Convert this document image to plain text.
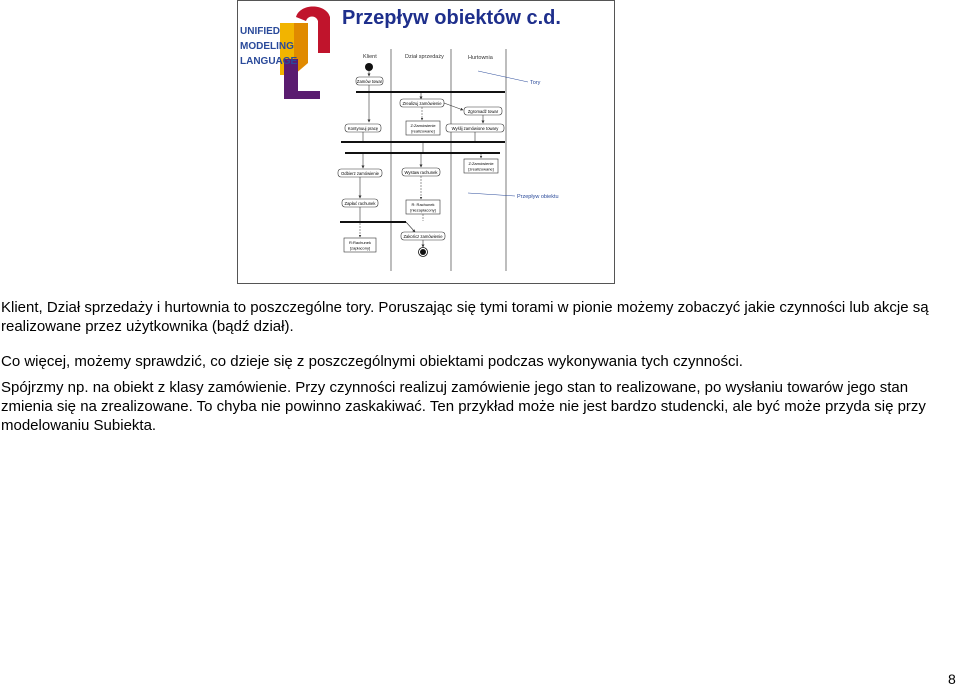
UNIFIED
MODELING
LANGUAGE
Przepływ obiektów c.d.
Klient	Dział sprzedaży	Hurtownia
Tory
Przepływ obiektu
Zamów towar
Zrealizuj zamówienie
Zgromadź towar
Kontynuuj pracę
Z:Zamówienie
[realizowane]	Wyślij zamówione towary
Z:Zamówienie
[zrealizowane]
Odbierz zamówienie	Wystaw rachunek
Zapłać rachunek	R: Rachunek
[niezapłacony]
Zakończ zamówienie
R:Rachunek
[zapłacony]
Klient, Dział sprzedaży i hurtownia to poszczególne tory. Poruszając się tymi torami w pionie możemy zobaczyć jakie czynności lub akcje są realizowane przez użytkownika (bądź dział).
Co więcej, możemy sprawdzić, co dzieje się z poszczególnymi obiektami podczas wykonywania tych czynności.
Spójrzmy np. na obiekt z klasy zamówienie. Przy czynności realizuj zamówienie jego stan to realizowane, po wysłaniu towarów jego stan zmienia się na zrealizowane. To chyba nie powinno zaskakiwać. Ten przykład może nie jest bardzo studencki, ale być może przyda się przy modelowaniu Subiekta.
8
